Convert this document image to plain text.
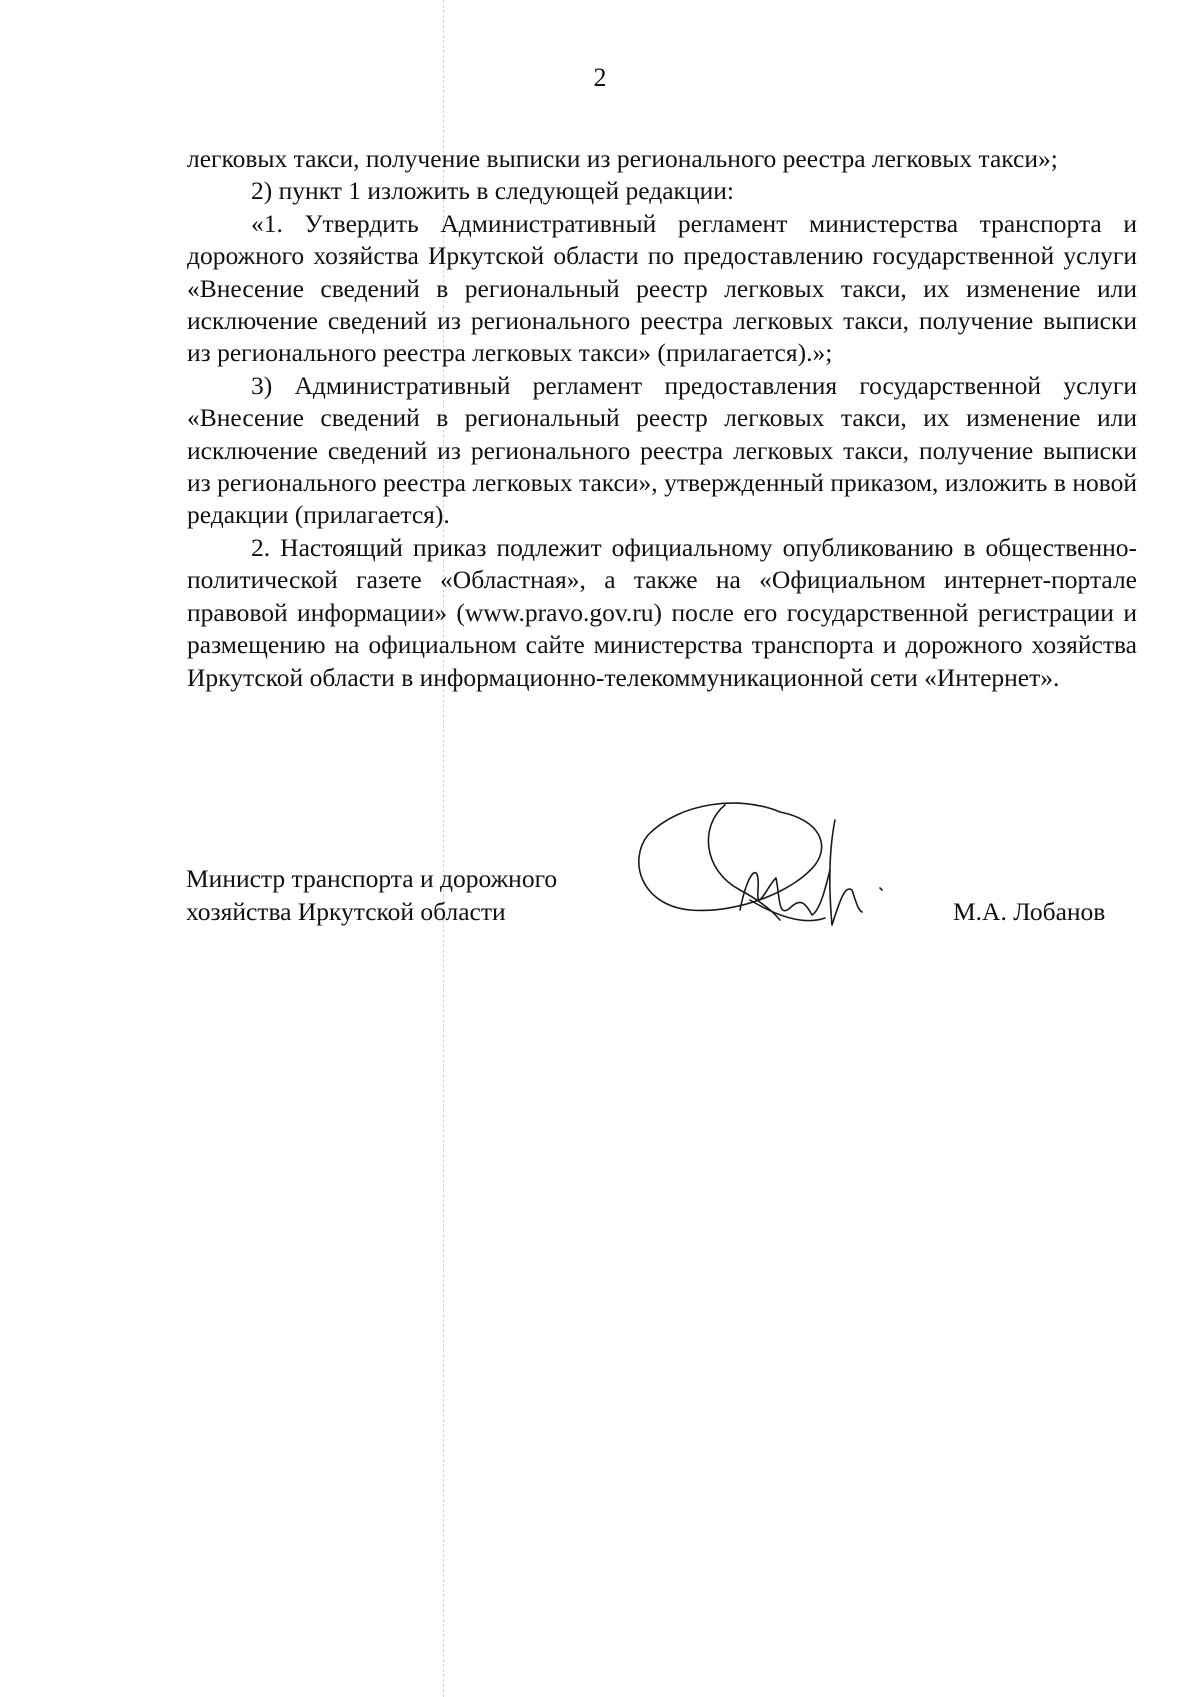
2

легковых такси, получение выписки из регионального реестра легковых такси»;

2) пункт 1 изложить в следующей редакции:

«1. Утвердить Административный регламент министерства транспорта и дорожного хозяйства Иркутской области по предоставлению государственной услуги «Внесение сведений в региональный реестр легковых такси, их изменение или исключение сведений из регионального реестра легковых такси, получение выписки из регионального реестра легковых такси» (прилагается).»;

3) Административный регламент предоставления государственной услуги «Внесение сведений в региональный реестр легковых такси, их изменение или исключение сведений из регионального реестра легковых такси, получение выписки из регионального реестра легковых такси», утвержденный приказом, изложить в новой редакции (прилагается).

2. Настоящий приказ подлежит официальному опубликованию в общественно-политической газете «Областная», а также на «Официальном интернет-портале правовой информации» (www.pravo.gov.ru) после его государственной регистрации и размещению на официальном сайте министерства транспорта и дорожного хозяйства Иркутской области в информационно-телекоммуникационной сети «Интернет».

Министр транспорта и дорожного
хозяйства Иркутской области	М.А. Лобанов
